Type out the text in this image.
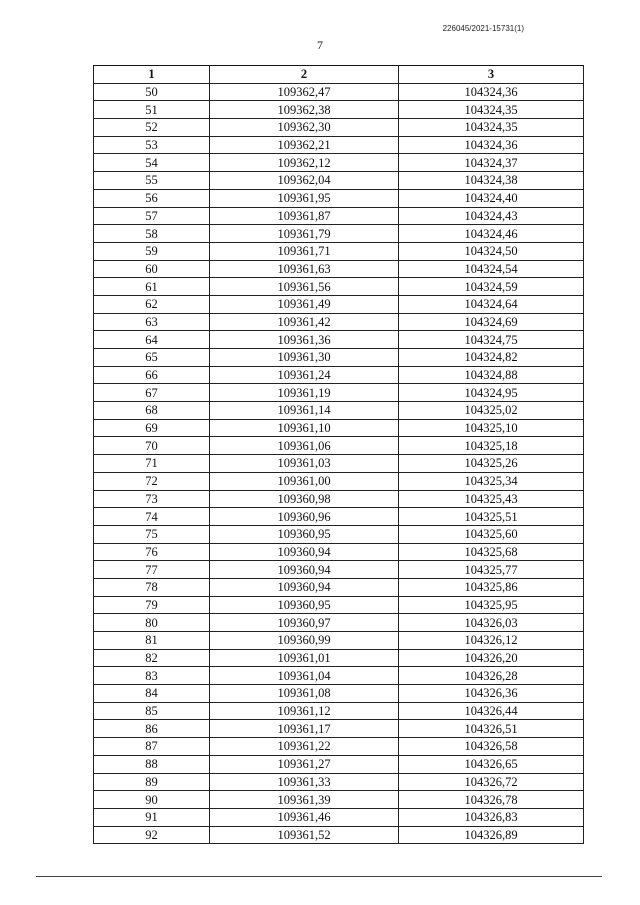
226045/2021-15731(1)
7
1	2	3
50	109362,47	104324,36
51	109362,38	104324,35
52	109362,30	104324,35
53	109362,21	104324,36
54	109362,12	104324,37
55	109362,04	104324,38
56	109361,95	104324,40
57	109361,87	104324,43
58	109361,79	104324,46
59	109361,71	104324,50
60	109361,63	104324,54
61	109361,56	104324,59
62	109361,49	104324,64
63	109361,42	104324,69
64	109361,36	104324,75
65	109361,30	104324,82
66	109361,24	104324,88
67	109361,19	104324,95
68	109361,14	104325,02
69	109361,10	104325,10
70	109361,06	104325,18
71	109361,03	104325,26
72	109361,00	104325,34
73	109360,98	104325,43
74	109360,96	104325,51
75	109360,95	104325,60
76	109360,94	104325,68
77	109360,94	104325,77
78	109360,94	104325,86
79	109360,95	104325,95
80	109360,97	104326,03
81	109360,99	104326,12
82	109361,01	104326,20
83	109361,04	104326,28
84	109361,08	104326,36
85	109361,12	104326,44
86	109361,17	104326,51
87	109361,22	104326,58
88	109361,27	104326,65
89	109361,33	104326,72
90	109361,39	104326,78
91	109361,46	104326,83
92	109361,52	104326,89
